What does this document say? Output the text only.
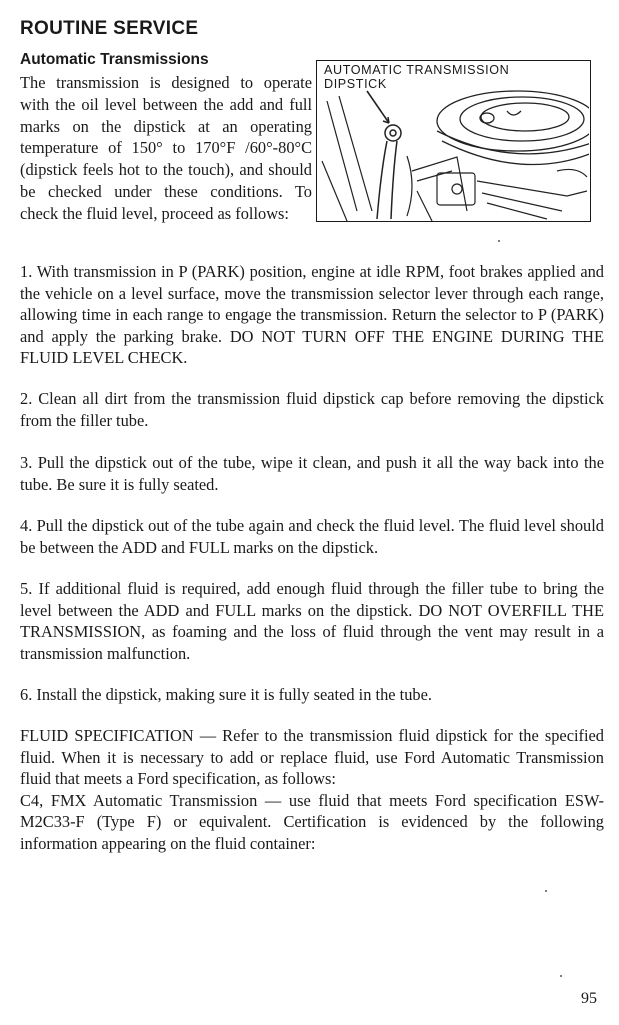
ROUTINE SERVICE
Automatic Transmissions

The transmission is designed to operate with the oil level between the add and full marks on the dipstick at an operating temperature of 150° to 170°F /60°-80°C (dipstick feels hot to the touch), and should be checked under these conditions. To check the fluid level, proceed as follows:

AUTOMATIC TRANSMISSION
DIPSTICK

1. With transmission in P (PARK) position, engine at idle RPM, foot brakes applied and the vehicle on a level surface, move the transmission selector lever through each range, allowing time in each range to engage the transmission. Return the selector to P (PARK) and apply the parking brake. DO NOT TURN OFF THE ENGINE DURING THE FLUID LEVEL CHECK.

2. Clean all dirt from the transmission fluid dipstick cap before removing the dipstick from the filler tube.

3. Pull the dipstick out of the tube, wipe it clean, and push it all the way back into the tube. Be sure it is fully seated.

4. Pull the dipstick out of the tube again and check the fluid level. The fluid level should be between the ADD and FULL marks on the dipstick.

5. If additional fluid is required, add enough fluid through the filler tube to bring the level between the ADD and FULL marks on the dipstick. DO NOT OVERFILL THE TRANSMISSION, as foaming and the loss of fluid through the vent may result in a transmission malfunction.

6. Install the dipstick, making sure it is fully seated in the tube.

FLUID SPECIFICATION — Refer to the transmission fluid dipstick for the specified fluid. When it is necessary to add or replace fluid, use Ford Automatic Transmission fluid that meets a Ford specification, as follows:
C4, FMX Automatic Transmission — use fluid that meets Ford specification ESW-M2C33-F (Type F) or equivalent. Certification is evidenced by the following information appearing on the fluid container:

95
